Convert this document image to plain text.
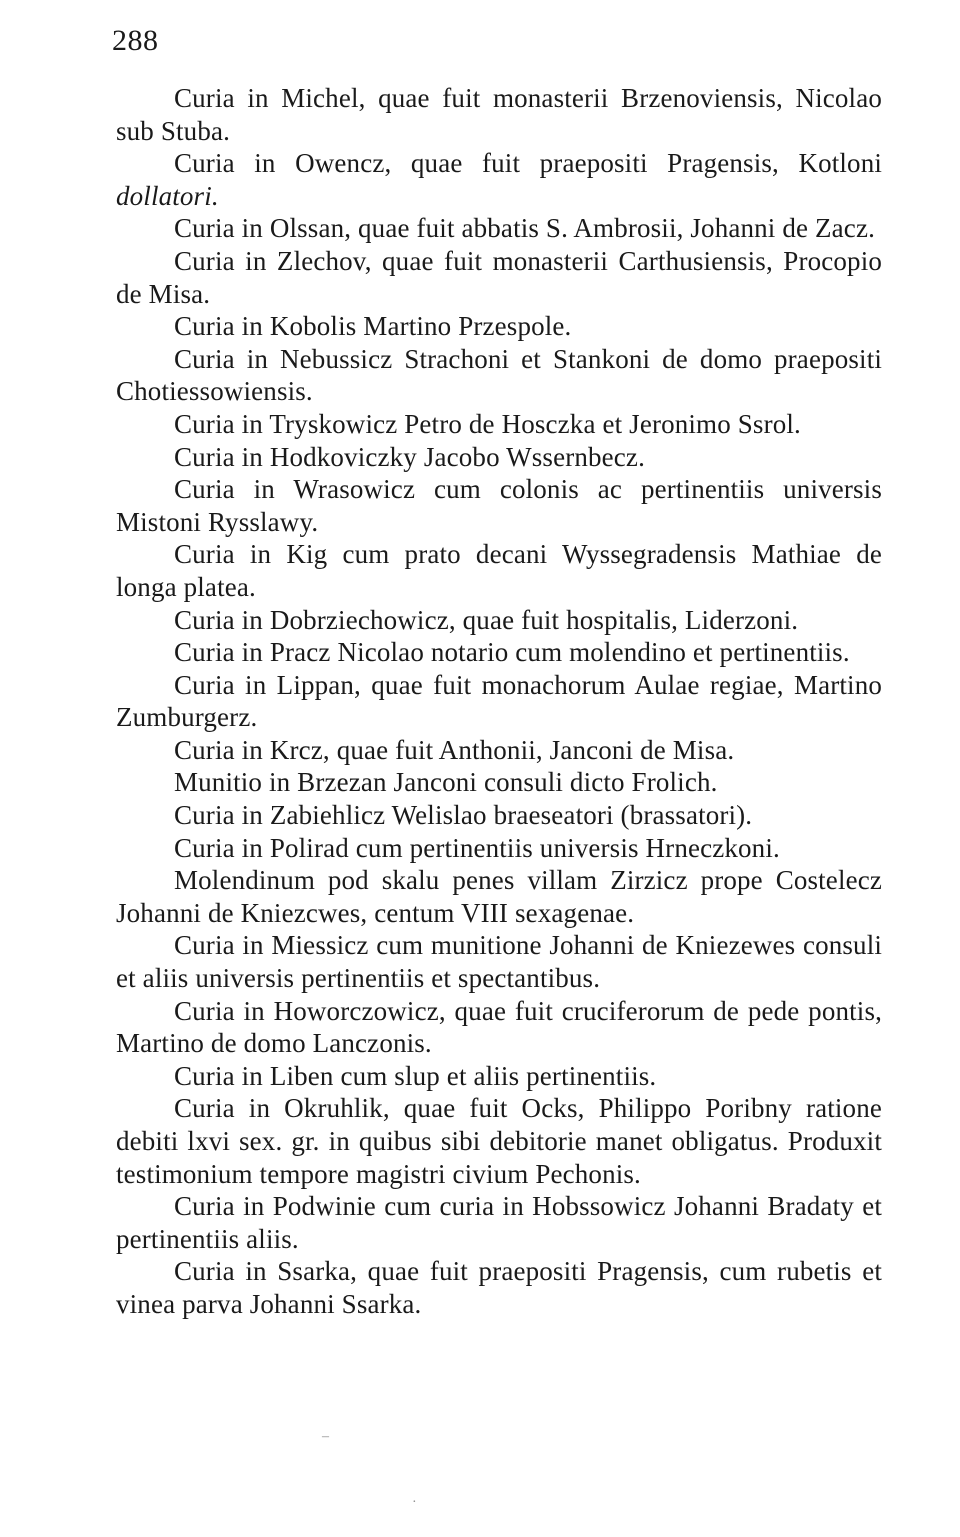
288

Curia in Michel, quae fuit monasterii Brzenoviensis, Nicolao sub Stuba.

Curia in Owencz, quae fuit praepositi Pragensis, Kotloni dollatori.

Curia in Olssan, quae fuit abbatis S. Ambrosii, Johanni de Zacz.

Curia in Zlechov, quae fuit monasterii Carthusiensis, Procopio de Misa.

Curia in Kobolis Martino Przespole.

Curia in Nebussicz Strachoni et Stankoni de domo praepositi Chotiessowiensis.

Curia in Tryskowicz Petro de Hosczka et Jeronimo Ssrol.

Curia in Hodkoviczky Jacobo Wssernbecz.

Curia in Wrasowicz cum colonis ac pertinentiis universis Mistoni Rysslawy.

Curia in Kig cum prato decani Wyssegradensis Mathiae de longa platea.

Curia in Dobrziechowicz, quae fuit hospitalis, Liderzoni.

Curia in Pracz Nicolao notario cum molendino et pertinentiis.

Curia in Lippan, quae fuit monachorum Aulae regiae, Martino Zumburgerz.

Curia in Krcz, quae fuit Anthonii, Janconi de Misa.

Munitio in Brzezan Janconi consuli dicto Frolich.

Curia in Zabiehlicz Welislao braeseatori (brassatori).

Curia in Polirad cum pertinentiis universis Hrneczkoni.

Molendinum pod skalu penes villam Zirzicz prope Costelecz Johanni de Kniezcwes, centum VIII sexagenae.

Curia in Miessicz cum munitione Johanni de Kniezewes consuli et aliis universis pertinentiis et spectantibus.

Curia in Howorczowicz, quae fuit cruciferorum de pede pontis, Martino de domo Lanczonis.

Curia in Liben cum slup et aliis pertinentiis.

Curia in Okruhlik, quae fuit Ocks, Philippo Poribny ratione debiti lxvi sex. gr. in quibus sibi debitorie manet obligatus. Produxit testimonium tempore magistri civium Pechonis.

Curia in Podwinie cum curia in Hobssowicz Johanni Bradaty et pertinentiis aliis.

Curia in Ssarka, quae fuit praepositi Pragensis, cum rubetis et vinea parva Johanni Ssarka.

‒
·
